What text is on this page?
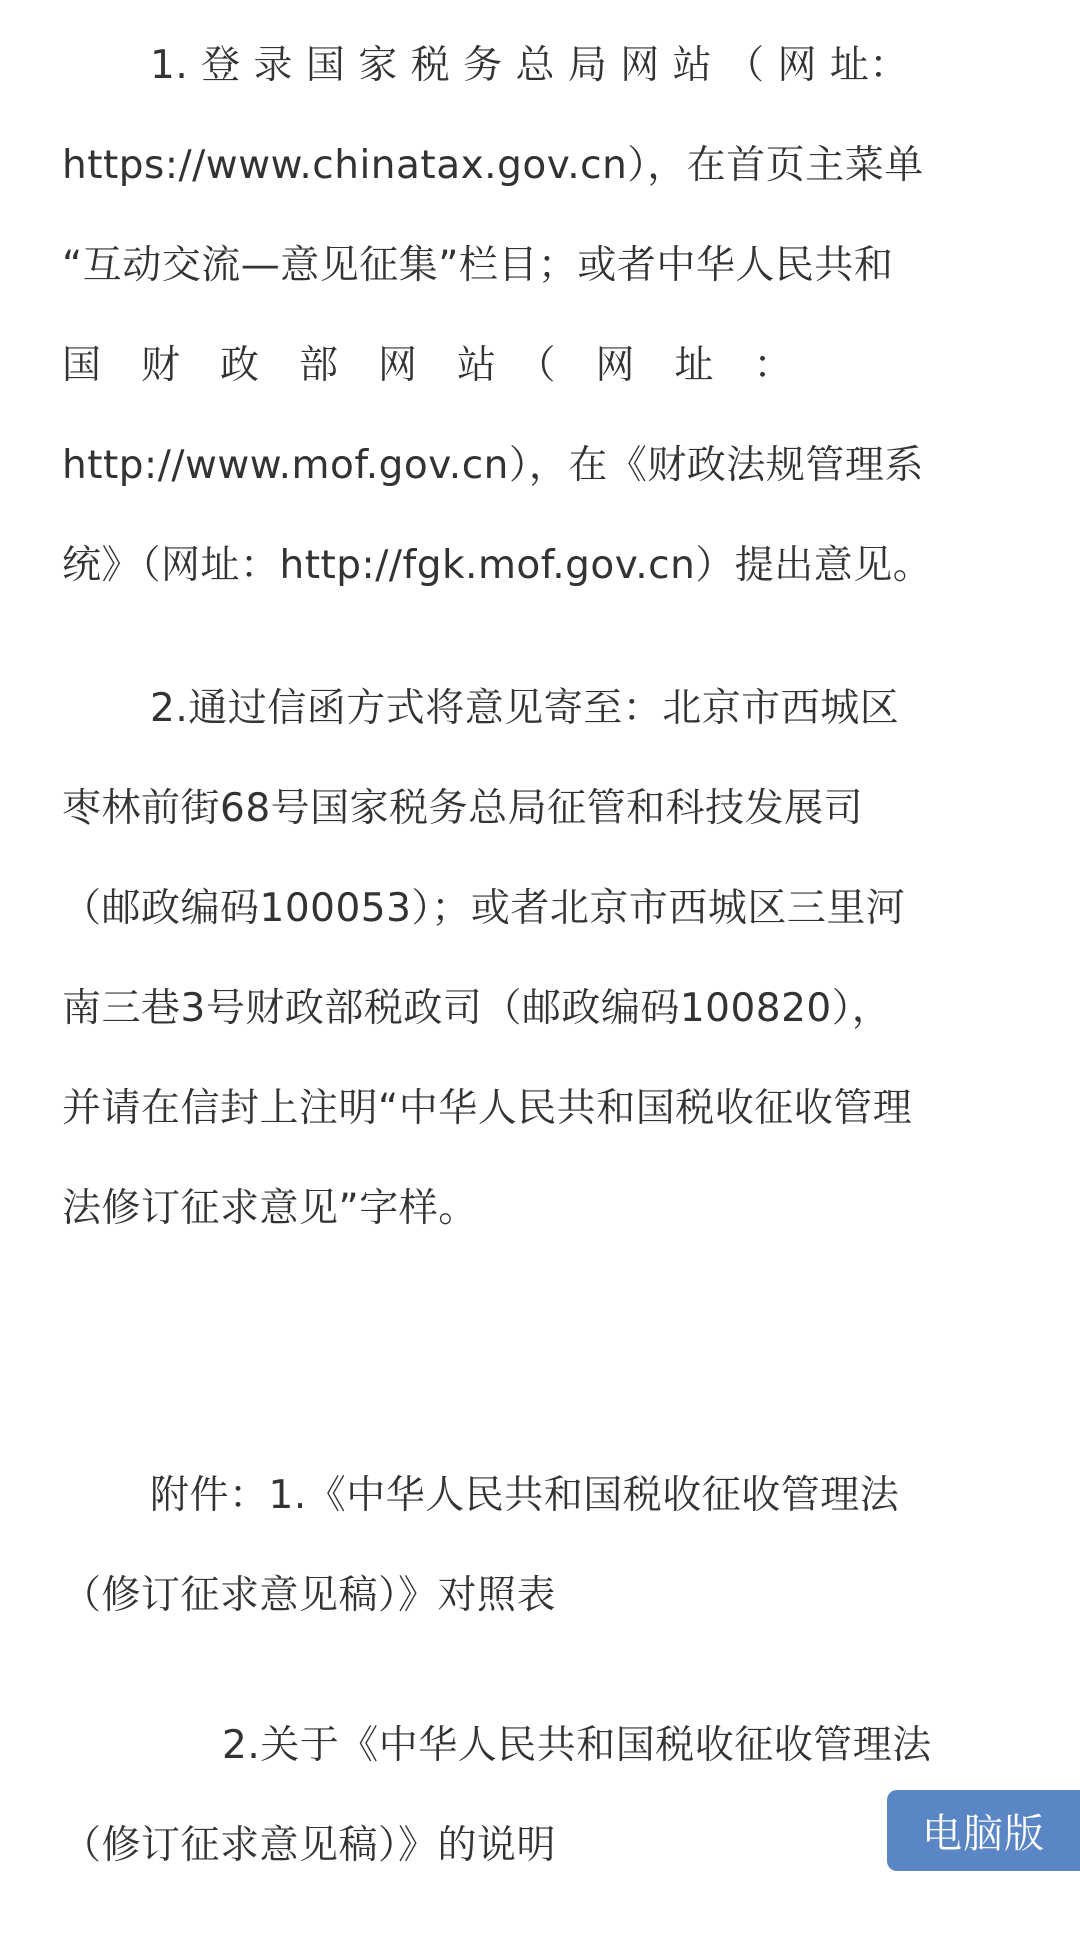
1. 登 录 国 家 税 务 总 局 网 站 （ 网 址：
https://www.chinatax.gov.cn），在首页主菜单
“互动交流—意见征集”栏目；或者中华人民共和
国　财　政　部　网　站　（　网　址　：
http://www.mof.gov.cn），在《财政法规管理系
统》（网址：http://fgk.mof.gov.cn）提出意见。

2.通过信函方式将意见寄至：北京市西城区
枣林前街68号国家税务总局征管和科技发展司
（邮政编码100053）；或者北京市西城区三里河
南三巷3号财政部税政司（邮政编码100820），
并请在信封上注明“中华人民共和国税收征收管理
法修订征求意见”字样。

附件：1.《中华人民共和国税收征收管理法
（修订征求意见稿）》对照表

2.关于《中华人民共和国税收征收管理法
（修订征求意见稿）》的说明	电脑版
